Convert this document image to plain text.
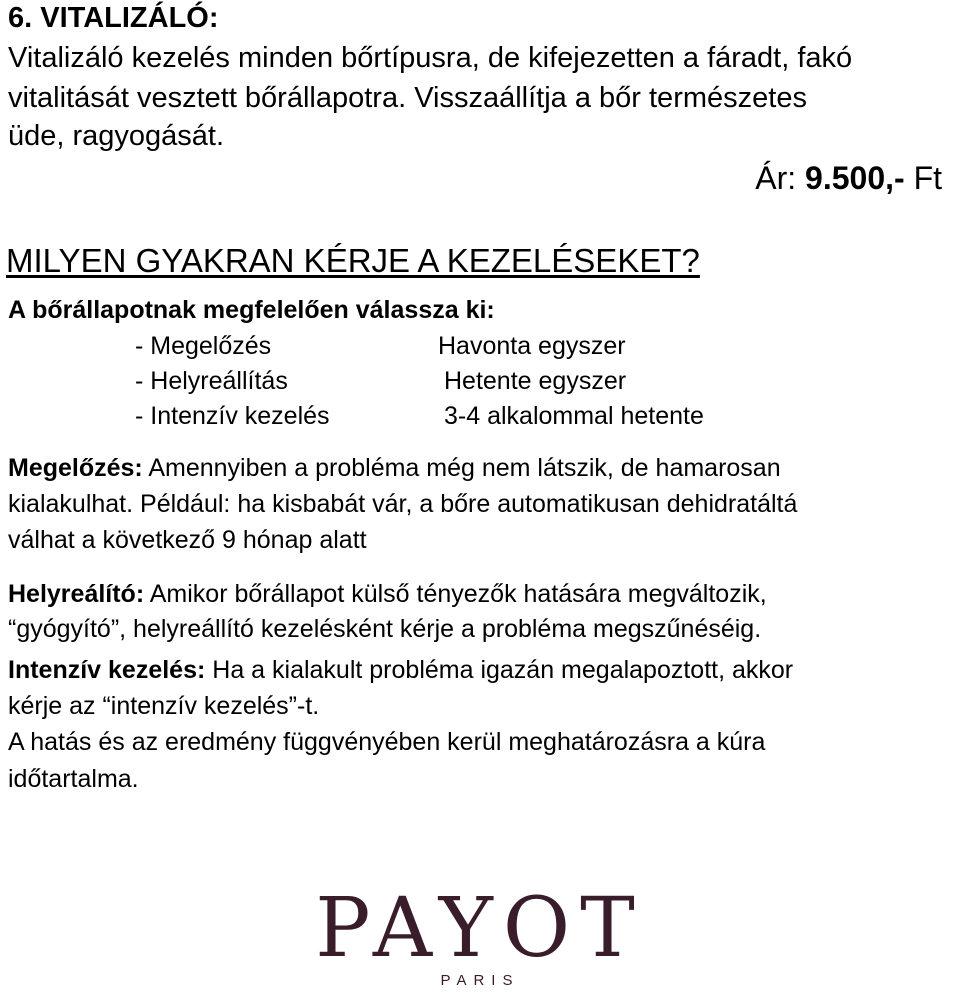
6. VITALIZÁLÓ:
Vitalizáló kezelés minden bőrtípusra, de kifejezetten a fáradt, fakó
vitalitását vesztett bőrállapotra. Visszaállítja a bőr természetes
üde, ragyogását.
Ár: 9.500,- Ft
MILYEN GYAKRAN KÉRJE A KEZELÉSEKET?
A bőrállapotnak megfelelően válassza ki:
- Megelőzés	Havonta egyszer
- Helyreállítás	Hetente egyszer
- Intenzív kezelés	3-4 alkalommal hetente
Megelőzés: Amennyiben a probléma még nem látszik, de hamarosan
kialakulhat. Például: ha kisbabát vár, a bőre automatikusan dehidratáltá
válhat a következő 9 hónap alatt
Helyreálító: Amikor bőrállapot külső tényezők hatására megváltozik,
“gyógyító”, helyreállító kezelésként kérje a probléma megszűnéséig.
Intenzív kezelés: Ha a kialakult probléma igazán megalapoztott, akkor
kérje az “intenzív kezelés”-t.
A hatás és az eredmény függvényében kerül meghatározásra a kúra
időtartalma.
PAYOT
PARIS
